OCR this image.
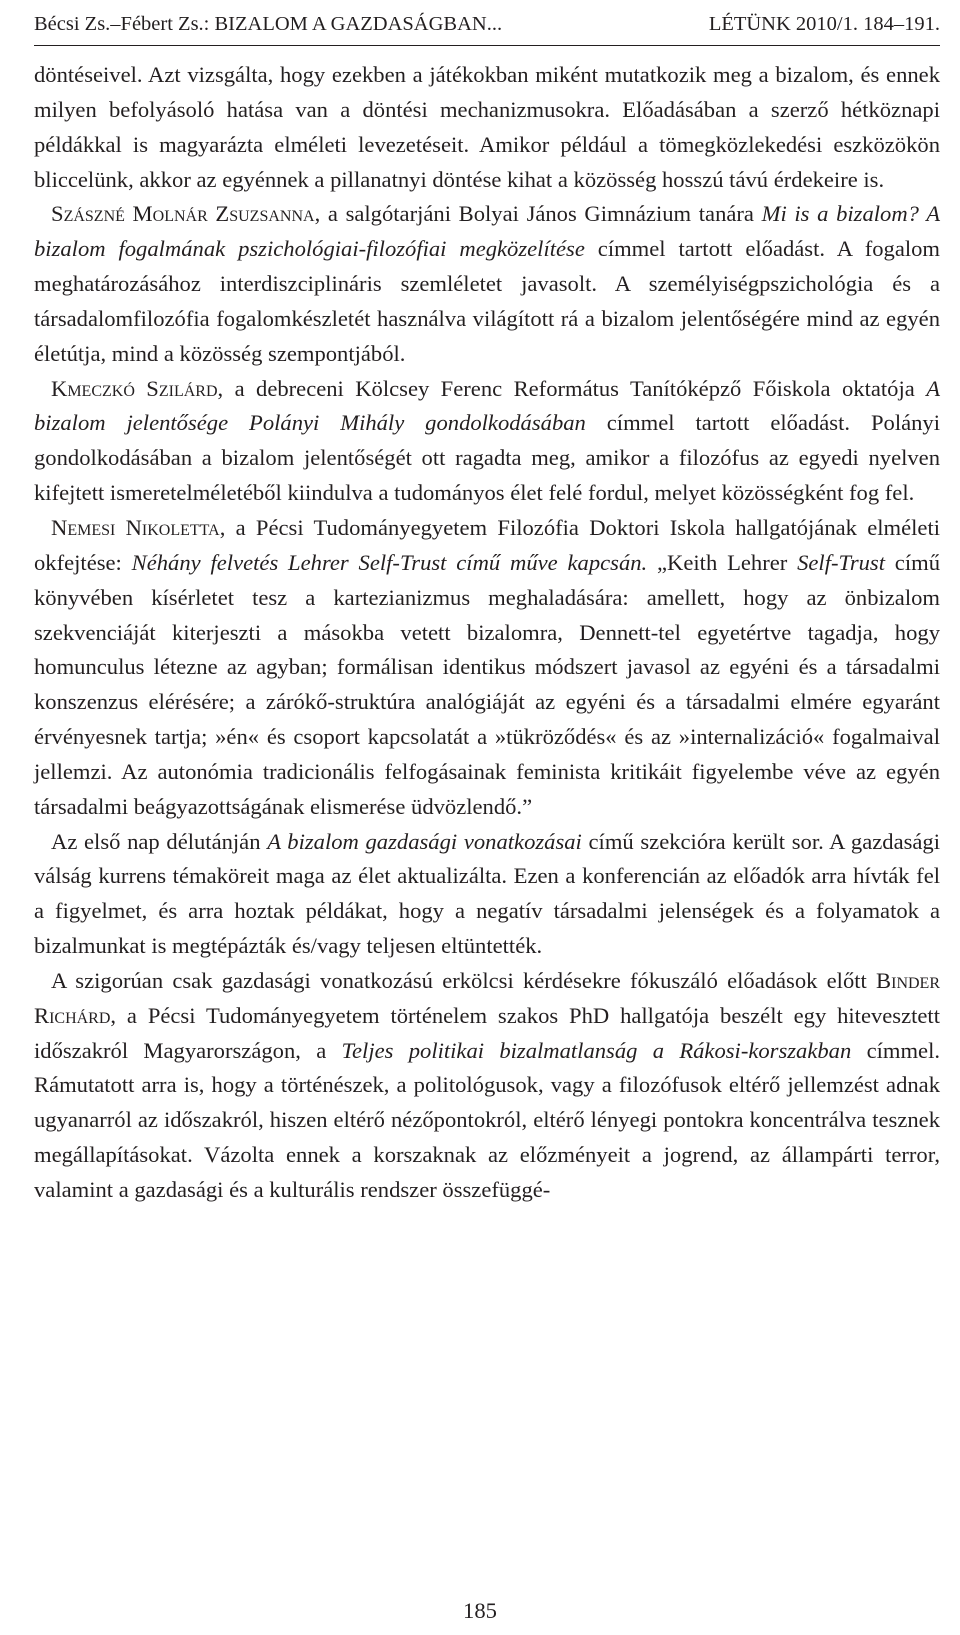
Bécsi Zs.–Fébert Zs.: BIZALOM A GAZDASÁGBAN...	LÉTÜNK 2010/1. 184–191.

döntéseivel. Azt vizsgálta, hogy ezekben a játékokban miként mutatkozik meg a bizalom, és ennek milyen befolyásoló hatása van a döntési mechanizmusokra. Előadásában a szerző hétköznapi példákkal is magyarázta elméleti levezetéseit. Amikor például a tömegközlekedési eszközökön bliccelünk, akkor az egyénnek a pillanatnyi döntése kihat a közösség hosszú távú érdekeire is.

Szászné Molnár Zsuzsanna, a salgótarjáni Bolyai János Gimnázium tanára Mi is a bizalom? A bizalom fogalmának pszichológiai-filozófiai megközelítése címmel tartott előadást. A fogalom meghatározásához interdiszciplináris szemléletet javasolt. A személyiségpszichológia és a társadalomfilozófia fogalomkészletét használva világított rá a bizalom jelentőségére mind az egyén életútja, mind a közösség szempontjából.

Kmeczkó Szilárd, a debreceni Kölcsey Ferenc Református Tanítóképző Főiskola oktatója A bizalom jelentősége Polányi Mihály gondolkodásában címmel tartott előadást. Polányi gondolkodásában a bizalom jelentőségét ott ragadta meg, amikor a filozófus az egyedi nyelven kifejtett ismeretelméletéből kiindulva a tudományos élet felé fordul, melyet közösségként fog fel.

Nemesi Nikoletta, a Pécsi Tudományegyetem Filozófia Doktori Iskola hallgatójának elméleti okfejtése: Néhány felvetés Lehrer Self-Trust című műve kapcsán. „Keith Lehrer Self-Trust című könyvében kísérletet tesz a kartezianizmus meghaladására: amellett, hogy az önbizalom szekvenciáját kiterjeszti a másokba vetett bizalomra, Dennett-tel egyetértve tagadja, hogy homunculus létezne az agyban; formálisan identikus módszert javasol az egyéni és a társadalmi konszenzus elérésére; a zárókő-struktúra analógiáját az egyéni és a társadalmi elmére egyaránt érvényesnek tartja; »én« és csoport kapcsolatát a »tükröződés« és az »internalizáció« fogalmaival jellemzi. Az autonómia tradicionális felfogásainak feminista kritikáit figyelembe véve az egyén társadalmi beágyazottságának elismerése üdvözlendő.”

Az első nap délutánján A bizalom gazdasági vonatkozásai című szekcióra került sor. A gazdasági válság kurrens témaköreit maga az élet aktualizálta. Ezen a konferencián az előadók arra hívták fel a figyelmet, és arra hoztak példákat, hogy a negatív társadalmi jelenségek és a folyamatok a bizalmunkat is megtépázták és/vagy teljesen eltüntették.

A szigorúan csak gazdasági vonatkozású erkölcsi kérdésekre fókuszáló előadások előtt Binder Richárd, a Pécsi Tudományegyetem történelem szakos PhD hallgatója beszélt egy hitevesztett időszakról Magyarországon, a Teljes politikai bizalmatlanság a Rákosi-korszakban címmel. Rámutatott arra is, hogy a történészek, a politológusok, vagy a filozófusok eltérő jellemzést adnak ugyanarról az időszakról, hiszen eltérő nézőpontokról, eltérő lényegi pontokra koncentrálva tesznek megállapításokat. Vázolta ennek a korszaknak az előzményeit a jogrend, az állampárti terror, valamint a gazdasági és a kulturális rendszer összefüggé-

185
